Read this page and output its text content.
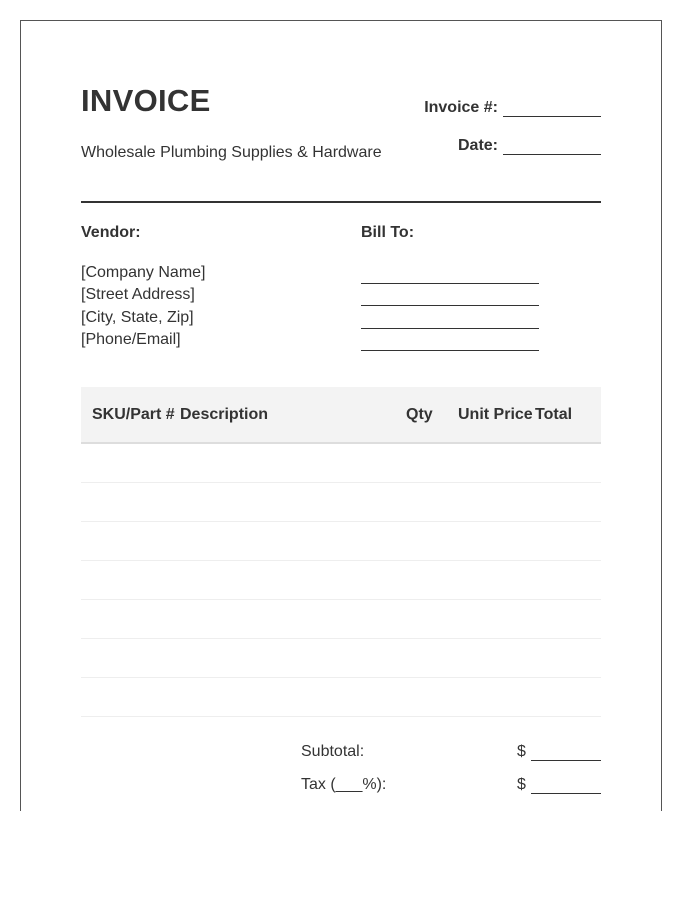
INVOICE
Wholesale Plumbing Supplies & Hardware
Invoice #:
Date:
Vendor:	Bill To:
[Company Name]
[Street Address]
[City, State, Zip]
[Phone/Email]
SKU/Part #	Description	Qty	Unit Price	Total

Subtotal:	$
Tax (___%):	$
